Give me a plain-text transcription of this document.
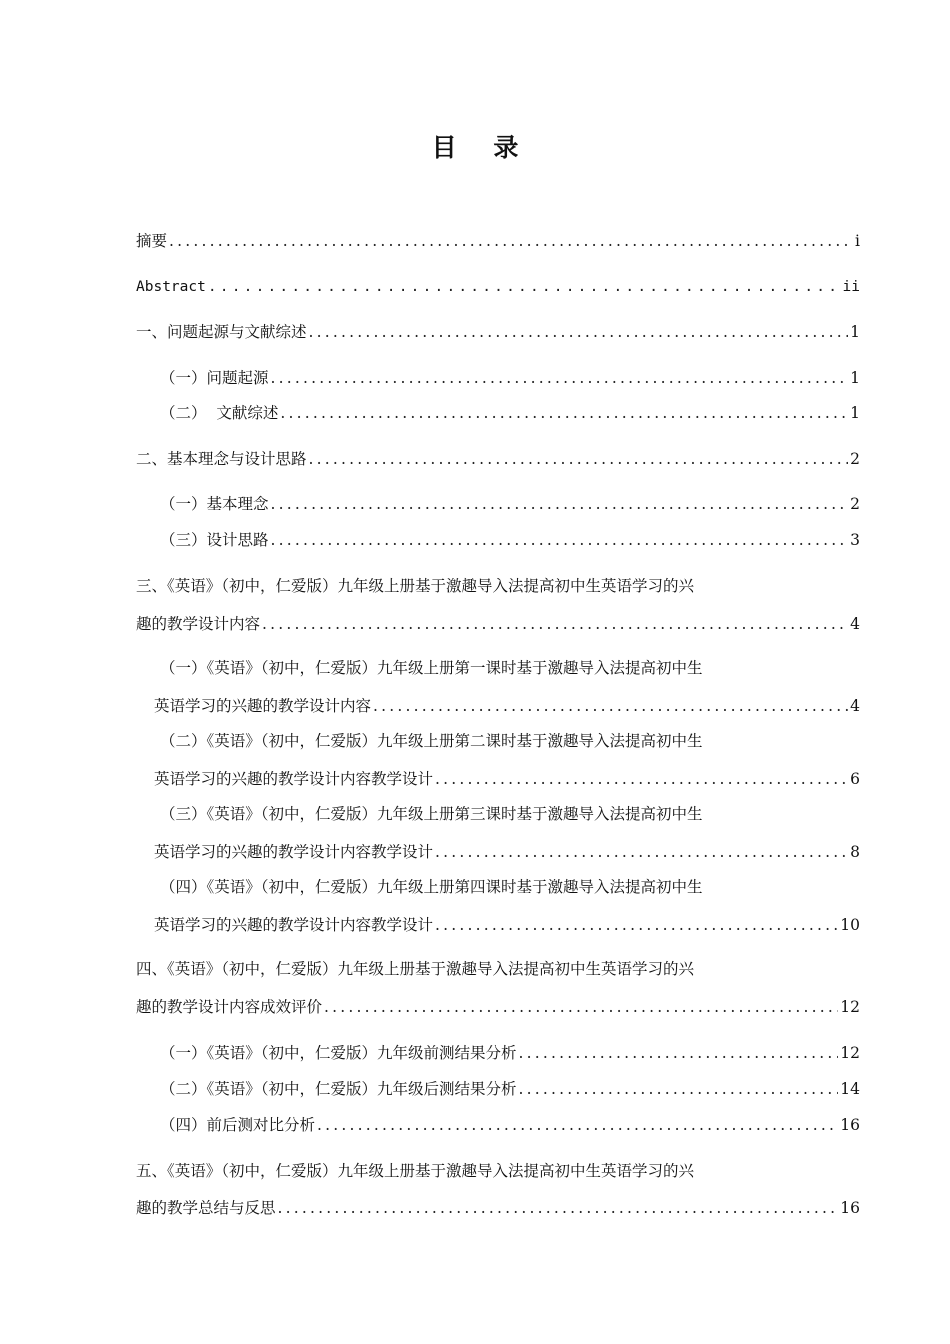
目 录
摘要 .....	i
Abstract .....	ii
一、问题起源与文献综述 .....	1
（一）问题起源 .....	1
（二）  文献综述 .....	1
二、基本理念与设计思路 .....	2
（一）基本理念 .....	2
（三）设计思路 .....	3
三、《英语》（初中，仁爱版）九年级上册基于激趣导入法提高初中生英语学习的兴
趣的教学设计内容 .....	4
（一）《英语》（初中，仁爱版）九年级上册第一课时基于激趣导入法提高初中生
英语学习的兴趣的教学设计内容 .....	4
（二）《英语》（初中，仁爱版）九年级上册第二课时基于激趣导入法提高初中生
英语学习的兴趣的教学设计内容教学设计 .....	6
（三）《英语》（初中，仁爱版）九年级上册第三课时基于激趣导入法提高初中生
英语学习的兴趣的教学设计内容教学设计 .....	8
（四）《英语》（初中，仁爱版）九年级上册第四课时基于激趣导入法提高初中生
英语学习的兴趣的教学设计内容教学设计 .....	10
四、《英语》（初中，仁爱版）九年级上册基于激趣导入法提高初中生英语学习的兴
趣的教学设计内容成效评价 .....	12
（一）《英语》（初中，仁爱版）九年级前测结果分析 .....	12
（二）《英语》（初中，仁爱版）九年级后测结果分析 .....	14
（四）前后测对比分析 .....	16
五、《英语》（初中，仁爱版）九年级上册基于激趣导入法提高初中生英语学习的兴
趣的教学总结与反思 .....	16
